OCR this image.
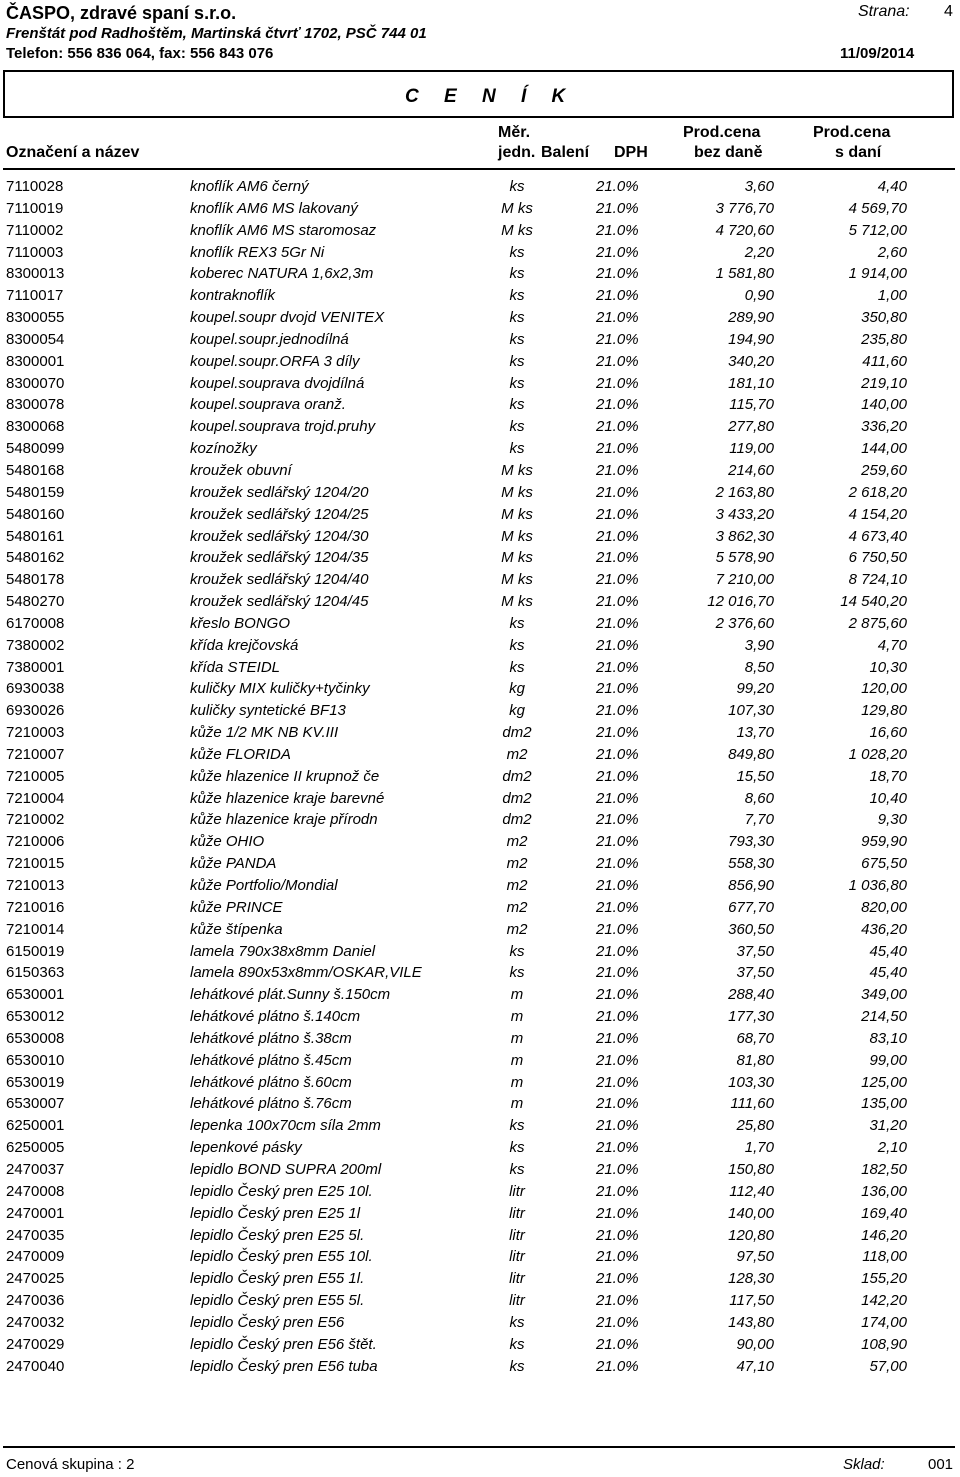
ČASPO, zdravé spaní s.r.o.
Frenštát pod Radhoštěm, Martinská čtvrť 1702, PSČ 744 01
Telefon: 556 836 064, fax: 556 843 076
Strana: 4
11/09/2014
C E N Í K
Označení a název
Měr.
jedn. Balení DPH
Prod.cena
bez daně
Prod.cena
s daní
7110028	knoflík AM6 černý	ks	21.0%	3,60	4,40
7110019	knoflík AM6 MS lakovaný	M ks	21.0%	3 776,70	4 569,70
7110002	knoflík AM6 MS staromosaz	M ks	21.0%	4 720,60	5 712,00
7110003	knoflík REX3 5Gr Ni	ks	21.0%	2,20	2,60
8300013	koberec NATURA 1,6x2,3m	ks	21.0%	1 581,80	1 914,00
7110017	kontraknoflík	ks	21.0%	0,90	1,00
8300055	koupel.soupr dvojd VENITEX	ks	21.0%	289,90	350,80
8300054	koupel.soupr.jednodílná	ks	21.0%	194,90	235,80
8300001	koupel.soupr.ORFA 3 díly	ks	21.0%	340,20	411,60
8300070	koupel.souprava dvojdílná	ks	21.0%	181,10	219,10
8300078	koupel.souprava oranž.	ks	21.0%	115,70	140,00
8300068	koupel.souprava trojd.pruhy	ks	21.0%	277,80	336,20
5480099	kozínožky	ks	21.0%	119,00	144,00
5480168	kroužek obuvní	M ks	21.0%	214,60	259,60
5480159	kroužek sedlářský 1204/20	M ks	21.0%	2 163,80	2 618,20
5480160	kroužek sedlářský 1204/25	M ks	21.0%	3 433,20	4 154,20
5480161	kroužek sedlářský 1204/30	M ks	21.0%	3 862,30	4 673,40
5480162	kroužek sedlářský 1204/35	M ks	21.0%	5 578,90	6 750,50
5480178	kroužek sedlářský 1204/40	M ks	21.0%	7 210,00	8 724,10
5480270	kroužek sedlářský 1204/45	M ks	21.0%	12 016,70	14 540,20
6170008	křeslo BONGO	ks	21.0%	2 376,60	2 875,60
7380002	křída krejčovská	ks	21.0%	3,90	4,70
7380001	křída STEIDL	ks	21.0%	8,50	10,30
6930038	kuličky MIX kuličky+tyčinky	kg	21.0%	99,20	120,00
6930026	kuličky syntetické BF13	kg	21.0%	107,30	129,80
7210003	kůže 1/2 MK NB KV.III	dm2	21.0%	13,70	16,60
7210007	kůže FLORIDA	m2	21.0%	849,80	1 028,20
7210005	kůže hlazenice II krupnož če	dm2	21.0%	15,50	18,70
7210004	kůže hlazenice kraje barevné	dm2	21.0%	8,60	10,40
7210002	kůže hlazenice kraje přírodn	dm2	21.0%	7,70	9,30
7210006	kůže OHIO	m2	21.0%	793,30	959,90
7210015	kůže PANDA	m2	21.0%	558,30	675,50
7210013	kůže Portfolio/Mondial	m2	21.0%	856,90	1 036,80
7210016	kůže PRINCE	m2	21.0%	677,70	820,00
7210014	kůže štípenka	m2	21.0%	360,50	436,20
6150019	lamela 790x38x8mm Daniel	ks	21.0%	37,50	45,40
6150363	lamela 890x53x8mm/OSKAR,VILE	ks	21.0%	37,50	45,40
6530001	lehátkové plát.Sunny š.150cm	m	21.0%	288,40	349,00
6530012	lehátkové plátno š.140cm	m	21.0%	177,30	214,50
6530008	lehátkové plátno š.38cm	m	21.0%	68,70	83,10
6530010	lehátkové plátno š.45cm	m	21.0%	81,80	99,00
6530019	lehátkové plátno š.60cm	m	21.0%	103,30	125,00
6530007	lehátkové plátno š.76cm	m	21.0%	111,60	135,00
6250001	lepenka 100x70cm síla 2mm	ks	21.0%	25,80	31,20
6250005	lepenkové pásky	ks	21.0%	1,70	2,10
2470037	lepidlo BOND SUPRA 200ml	ks	21.0%	150,80	182,50
2470008	lepidlo Český pren E25 10l.	litr	21.0%	112,40	136,00
2470001	lepidlo Český pren E25 1l	litr	21.0%	140,00	169,40
2470035	lepidlo Český pren E25 5l.	litr	21.0%	120,80	146,20
2470009	lepidlo Český pren E55 10l.	litr	21.0%	97,50	118,00
2470025	lepidlo Český pren E55 1l.	litr	21.0%	128,30	155,20
2470036	lepidlo Český pren E55 5l.	litr	21.0%	117,50	142,20
2470032	lepidlo Český pren E56	ks	21.0%	143,80	174,00
2470029	lepidlo Český pren E56 štět.	ks	21.0%	90,00	108,90
2470040	lepidlo Český pren E56 tuba	ks	21.0%	47,10	57,00
Cenová skupina : 2	Sklad:	001
